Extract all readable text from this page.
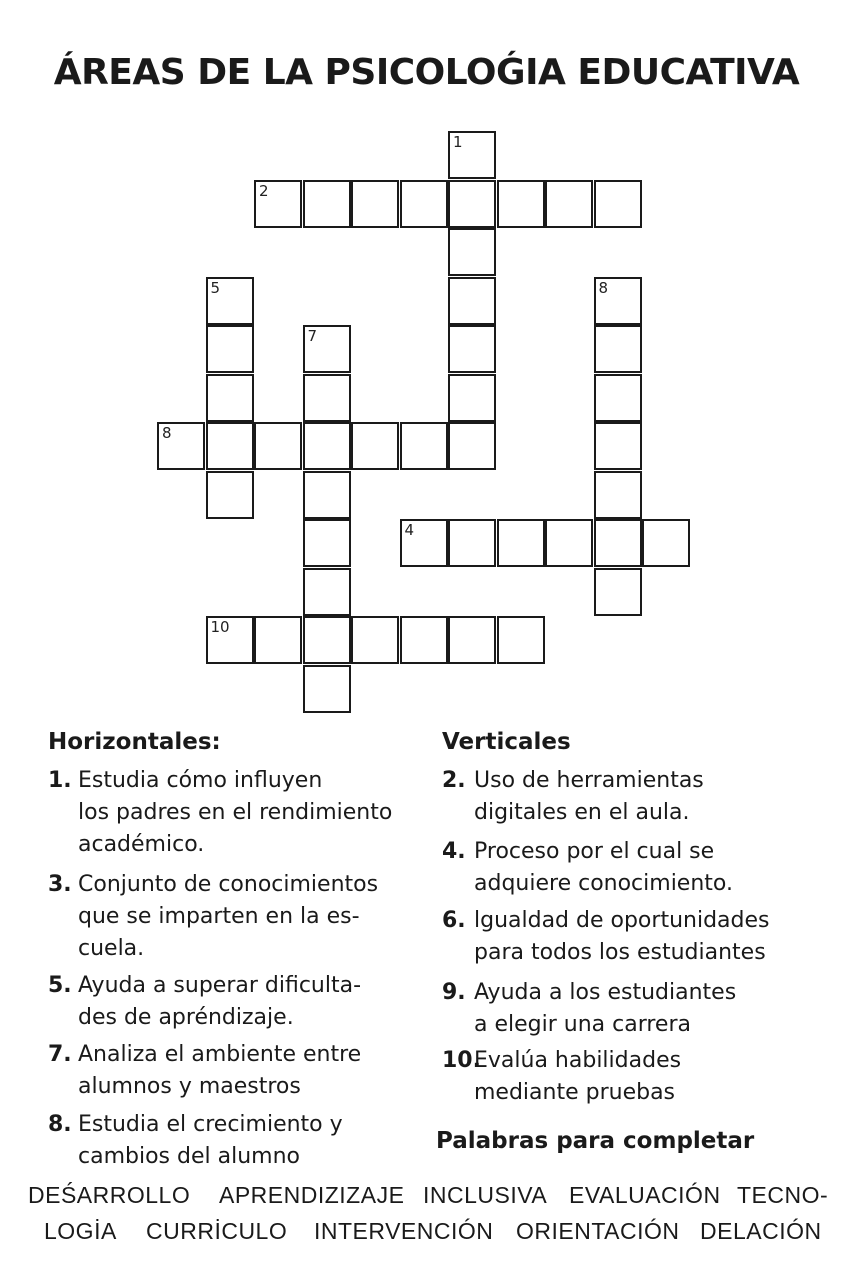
ÁREAS DE LA PSICOLOǴIA EDUCATIVA
1
2
5
7
8
8
4
10
Horizontales:
1. Estudia cómo influyen
los padres en el rendimiento
académico.
3. Conjunto de conocimientos
que se imparten en la es-
cuela.
5. Ayuda a superar dificulta-
des de apréndizaje.
7. Analiza el ambiente entre
alumnos y maestros
8. Estudia el crecimiento y
cambios del alumno
Verticales
2. Uso de herramientas
digitales en el aula.
4. Proceso por el cual se
adquiere conocimiento.
6. lgualdad de oportunidades
para todos los estudiantes
9. Ayuda a los estudiantes
a elegir una carrera
10.
Evalúa habilidades
mediante pruebas
Palabras para completar
DEŚARROLLO APRENDIZIZAJE INCLUSIVA EVALUACIÓN TECNO-
LOGİA CURRİCULO INTERVENCIÓN ORIENTACIÓN DELACIÓN
